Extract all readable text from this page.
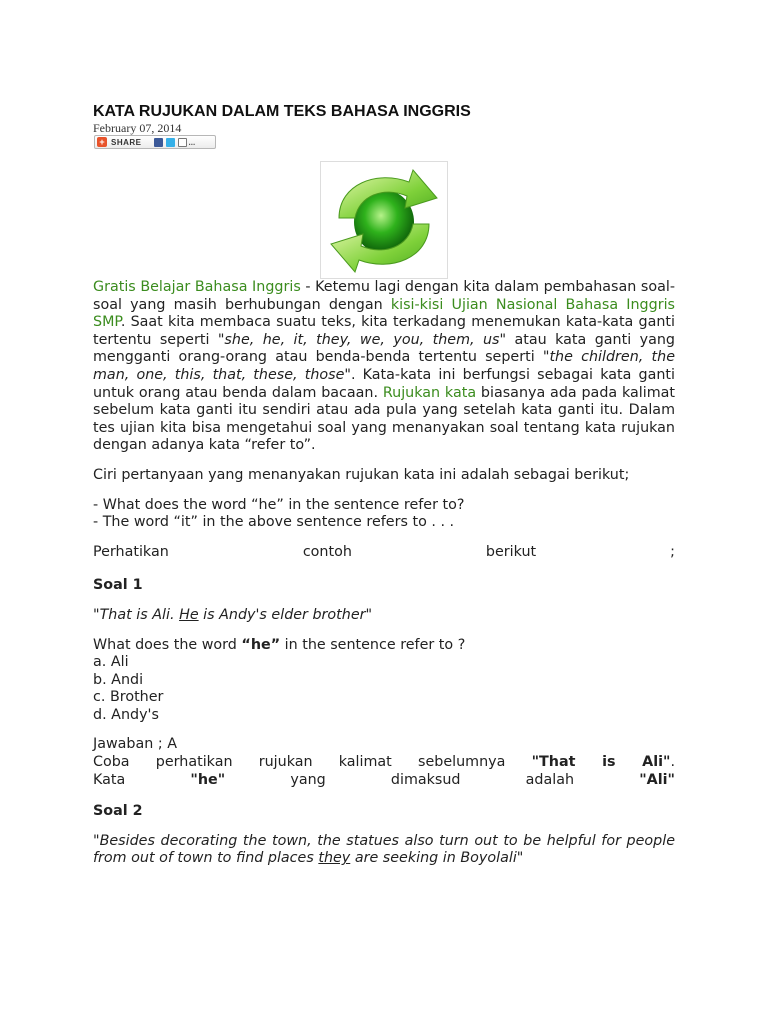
KATA RUJUKAN DALAM TEKS BAHASA INGGRIS
February 07, 2014
+ SHARE	...

Gratis Belajar Bahasa Inggris - Ketemu lagi dengan kita dalam pembahasan soal-soal yang masih berhubungan dengan kisi-kisi Ujian Nasional Bahasa Inggris SMP. Saat kita membaca suatu teks, kita terkadang menemukan kata-kata ganti tertentu seperti "she, he, it, they, we, you, them, us" atau kata ganti yang mengganti orang-orang atau benda-benda tertentu seperti "the children, the man, one, this, that, these, those". Kata-kata ini berfungsi sebagai kata ganti untuk orang atau benda dalam bacaan. Rujukan kata biasanya ada pada kalimat sebelum kata ganti itu sendiri atau ada pula yang setelah kata ganti itu. Dalam tes ujian kita bisa mengetahui soal yang menanyakan soal tentang kata rujukan dengan adanya kata “refer to”.

Ciri pertanyaan yang menanyakan rujukan kata ini adalah sebagai berikut;

- What does the word “he” in the sentence refer to?
- The word “it” in the above sentence refers to . . .

Perhatikan contoh berikut ;

Soal 1

"That is Ali. He is Andy's elder brother"

What does the word “he” in the sentence refer to ?
a. Ali
b. Andi
c. Brother
d. Andy's

Jawaban ; A
Coba perhatikan rujukan kalimat sebelumnya "That is Ali".
Kata "he" yang dimaksud adalah "Ali"

Soal 2

"Besides decorating the town, the statues also turn out to be helpful for people from out of town to find places they are seeking in Boyolali"
